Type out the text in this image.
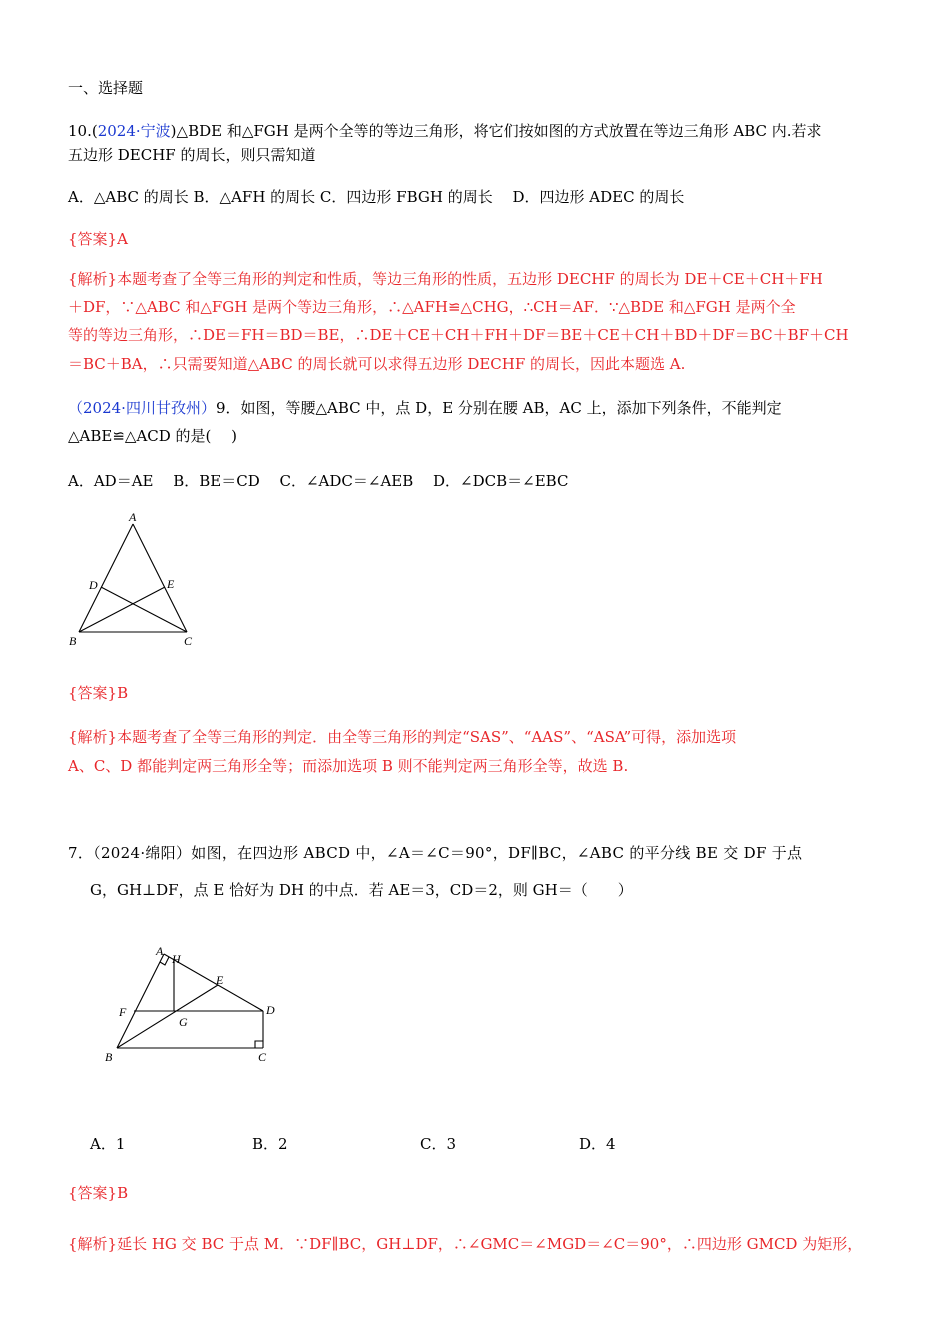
一、选择题
10.(2024·宁波)△BDE 和△FGH 是两个全等的等边三角形，将它们按如图的方式放置在等边三角形 ABC 内.若求
五边形 DECHF 的周长，则只需知道
A．△ABC 的周长 B．△AFH 的周长 C．四边形 FBGH 的周长　 D．四边形 ADEC 的周长
{答案}A
{解析}本题考查了全等三角形的判定和性质，等边三角形的性质，五边形 DECHF 的周长为 DE＋CE＋CH＋FH
＋DF，∵△ABC 和△FGH 是两个等边三角形，∴△AFH≌△CHG，∴CH＝AF．∵△BDE 和△FGH 是两个全
等的等边三角形，∴DE＝FH＝BD＝BE，∴DE＋CE＋CH＋FH＋DF＝BE＋CE＋CH＋BD＋DF＝BC＋BF＋CH
＝BC＋BA，∴只需要知道△ABC 的周长就可以求得五边形 DECHF 的周长，因此本题选 A.
（2024·四川甘孜州）9．如图，等腰△ABC 中，点 D，E 分别在腰 AB，AC 上，添加下列条件，不能判定
△ABE≌△ACD 的是(　 )
A．AD＝AE　 B．BE＝CD　 C．∠ADC＝∠AEB　 D．∠DCB＝∠EBC
A
B	C
D	E
{答案}B
{解析}本题考查了全等三角形的判定．由全等三角形的判定“SAS”、“AAS”、“ASA”可得，添加选项
A、C、D 都能判定两三角形全等；而添加选项 B 则不能判定两三角形全等，故选 B.
7．（2024·绵阳）如图，在四边形 ABCD 中，∠A＝∠C＝90°，DF∥BC，∠ABC 的平分线 BE 交 DF 于点
G，GH⊥DF，点 E 恰好为 DH 的中点．若 AE＝3，CD＝2，则 GH＝（　　）
A
H
E
F
G
D
B	C
A．1	B．2	C．3	D．4
{答案}B
{解析}延长 HG 交 BC 于点 M．∵DF∥BC，GH⊥DF，∴∠GMC＝∠MGD＝∠C＝90°，∴四边形 GMCD 为矩形，
